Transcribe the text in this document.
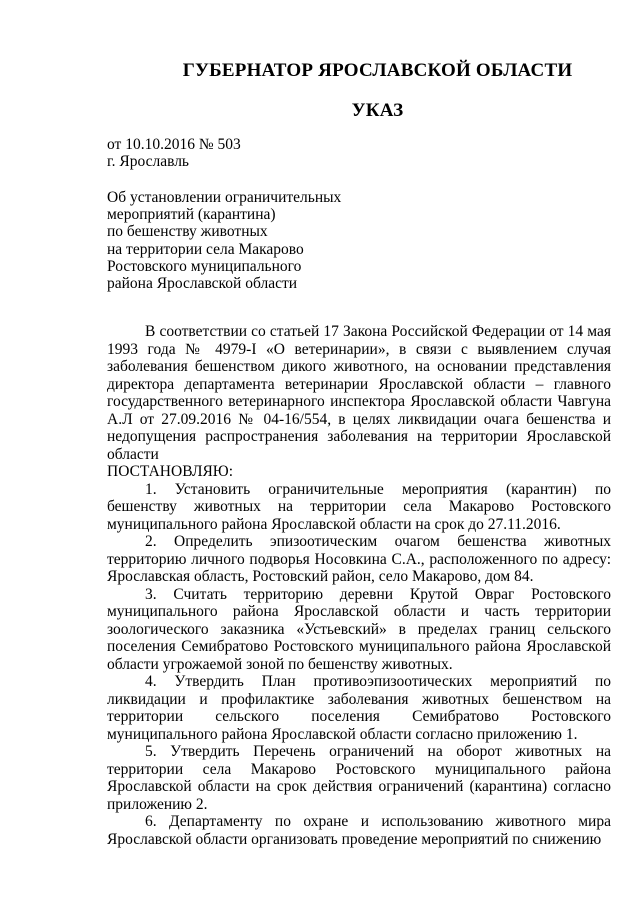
ГУБЕРНАТОР ЯРОСЛАВСКОЙ ОБЛАСТИ
УКАЗ
от 10.10.2016 № 503
г. Ярославль
Об установлении ограничительных
мероприятий (карантина)
по бешенству животных
на территории села Макарово
Ростовского муниципального
района Ярославской области

В соответствии со статьей 17 Закона Российской Федерации от 14 мая 1993 года № 4979-I «О ветеринарии», в связи с выявлением случая заболевания бешенством дикого животного, на основании представления директора департамента ветеринарии Ярославской области – главного государственного ветеринарного инспектора Ярославской области Чавгуна А.Л от 27.09.2016 № 04-16/554, в целях ликвидации очага бешенства и недопущения распространения заболевания на территории Ярославской области

ПОСТАНОВЛЯЮ:

1. Установить ограничительные мероприятия (карантин) по бешенству животных на территории села Макарово Ростовского муниципального района Ярославской области на срок до 27.11.2016.

2. Определить эпизоотическим очагом бешенства животных территорию личного подворья Носовкина С.А., расположенного по адресу: Ярославская область, Ростовский район, село Макарово, дом 84.

3. Считать территорию деревни Крутой Овраг Ростовского муниципального района Ярославской области и часть территории зоологического заказника «Устьевский» в пределах границ сельского поселения Семибратово Ростовского муниципального района Ярославской области угрожаемой зоной по бешенству животных.

4. Утвердить План противоэпизоотических мероприятий по ликвидации и профилактике заболевания животных бешенством на территории сельского поселения Семибратово Ростовского муниципального района Ярославской области согласно приложению 1.

5. Утвердить Перечень ограничений на оборот животных на территории села Макарово Ростовского муниципального района Ярославской области на срок действия ограничений (карантина) согласно приложению 2.

6. Департаменту по охране и использованию животного мира Ярославской области организовать проведение мероприятий по снижению
